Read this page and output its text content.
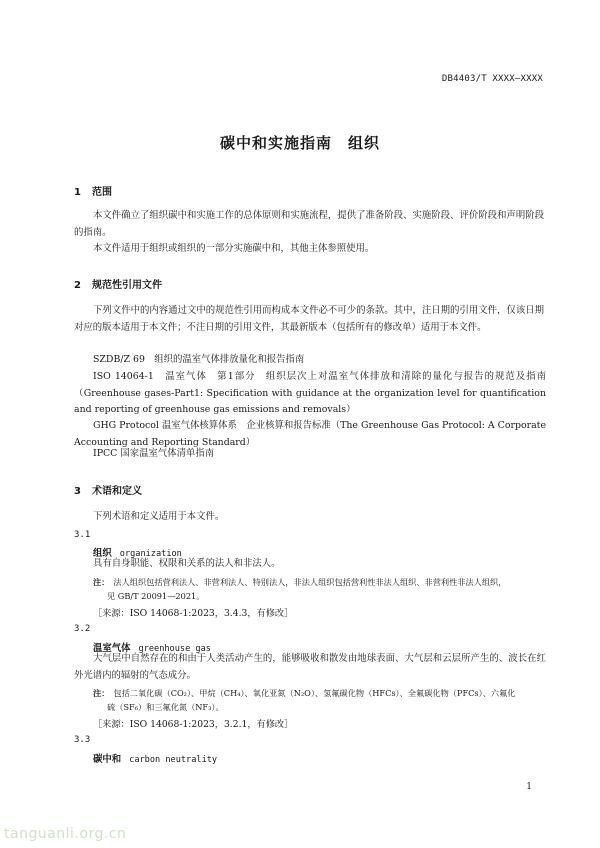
DB4403/T XXXX—XXXX
碳中和实施指南　组织
1 范围
本文件确立了组织碳中和实施工作的总体原则和实施流程，提供了准备阶段、实施阶段、评价阶段和声明阶段的指南。
本文件适用于组织或组织的一部分实施碳中和，其他主体参照使用。
2 规范性引用文件
下列文件中的内容通过文中的规范性引用而构成本文件必不可少的条款。其中，注日期的引用文件，仅该日期对应的版本适用于本文件；不注日期的引用文件，其最新版本（包括所有的修改单）适用于本文件。
SZDB/Z 69　组织的温室气体排放量化和报告指南
ISO 14064-1　温室气体　第1部分　组织层次上对温室气体排放和清除的量化与报告的规范及指南（Greenhouse gases-Part1: Specification with guidance at the organization level for quantification and reporting of greenhouse gas emissions and removals）
GHG Protocol 温室气体核算体系　企业核算和报告标准（The Greenhouse Gas Protocol: A Corporate Accounting and Reporting Standard）
IPCC 国家温室气体清单指南
3 术语和定义
下列术语和定义适用于本文件。
3.1
组织 organization
具有自身职能、权限和关系的法人和非法人。
注： 法人组织包括营利法人、非营利法人、特别法人，非法人组织包括营利性非法人组织、非营利性非法人组织，
见 GB/T 20091—2021。
［来源：ISO 14068-1:2023，3.4.3，有修改］
3.2
温室气体 greenhouse gas
大气层中自然存在的和由于人类活动产生的，能够吸收和散发由地球表面、大气层和云层所产生的、波长在红外光谱内的辐射的气态成分。
注： 包括二氧化碳（CO₂）、甲烷（CH₄）、氧化亚氮（N₂O）、氢氟碳化物（HFCs）、全氟碳化物（PFCs）、六氟化
硫（SF₆）和三氟化氮（NF₃）。
［来源：ISO 14068-1:2023，3.2.1，有修改］
3.3
碳中和 carbon neutrality
1
tanguanli.org.cn
